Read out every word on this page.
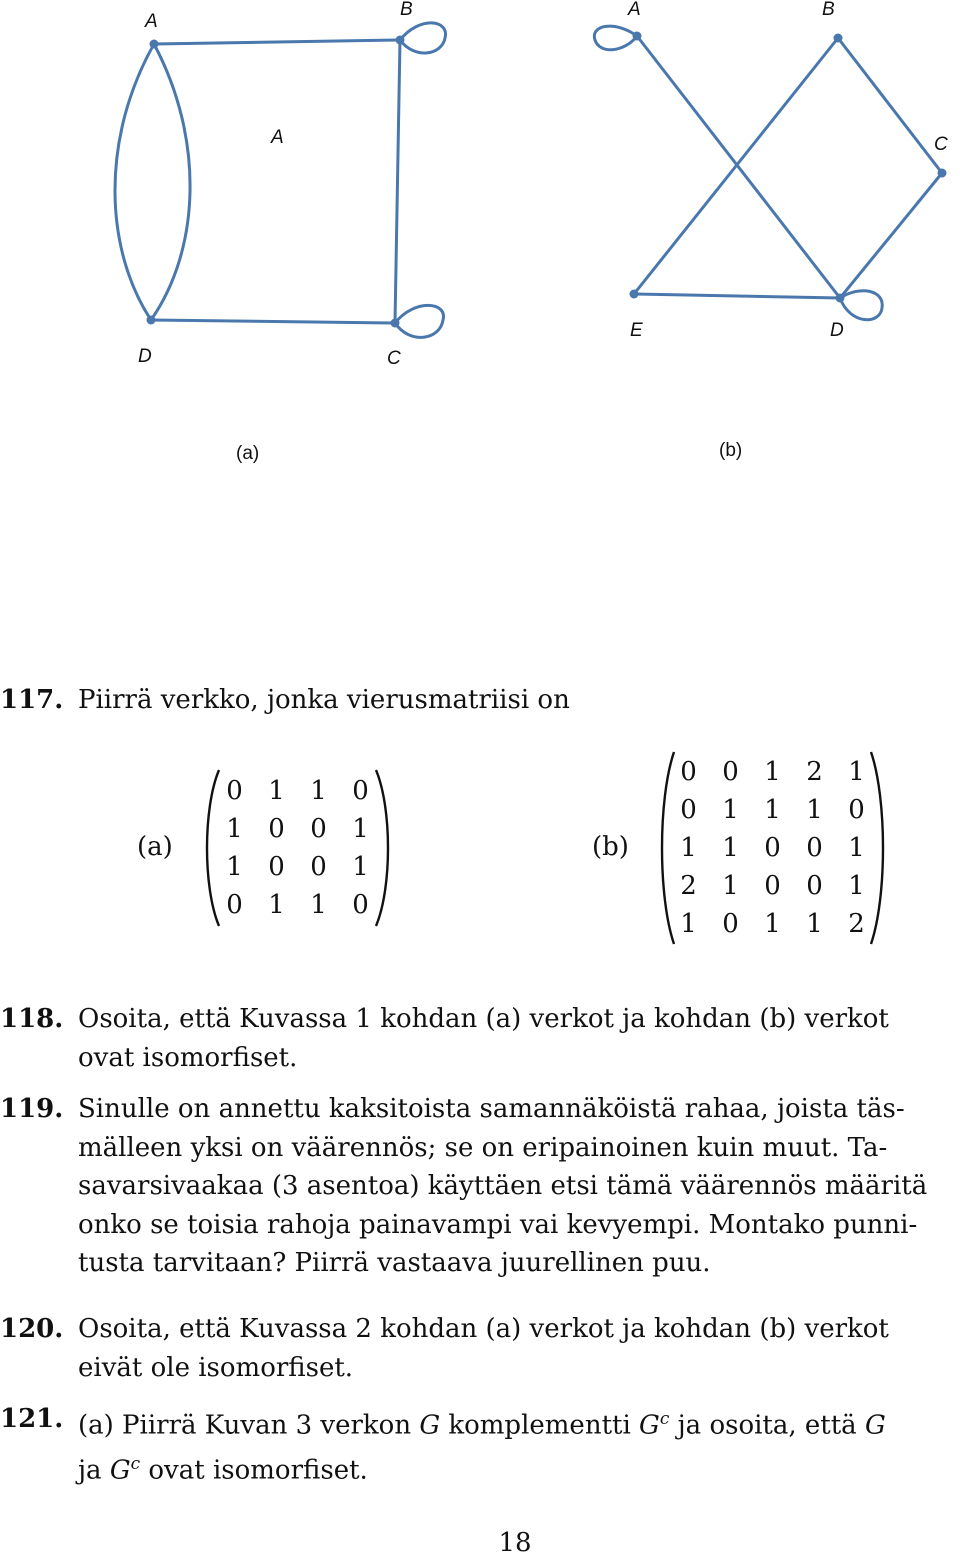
A
B
A
D	C
(a)
A	B
C
E	D
(b)
117. Piirrä verkko, jonka vierusmatriisi on
(a)
0 1 1 0
1 0 0 1
1 0 0 1
0 1 1 0
(b)
0 0 1 2 1
0 1 1 1 0
1 1 0 0 1
2 1 0 0 1
1 0 1 1 2
118. Osoita, että Kuvassa 1 kohdan (a) verkot ja kohdan (b) verkot
ovat isomorfiset.
119. Sinulle on annettu kaksitoista samannäköistä rahaa, joista täs-
mälleen yksi on väärennös; se on eripainoinen kuin muut. Ta-
savarsivaakaa (3 asentoa) käyttäen etsi tämä väärennös määritä
onko se toisia rahoja painavampi vai kevyempi. Montako punni-
tusta tarvitaan? Piirrä vastaava juurellinen puu.
120. Osoita, että Kuvassa 2 kohdan (a) verkot ja kohdan (b) verkot
eivät ole isomorfiset.
121. (a) Piirrä Kuvan 3 verkon G komplementti $G^c$ ja osoita, että G
ja $G^c$ ovat isomorfiset.
18
